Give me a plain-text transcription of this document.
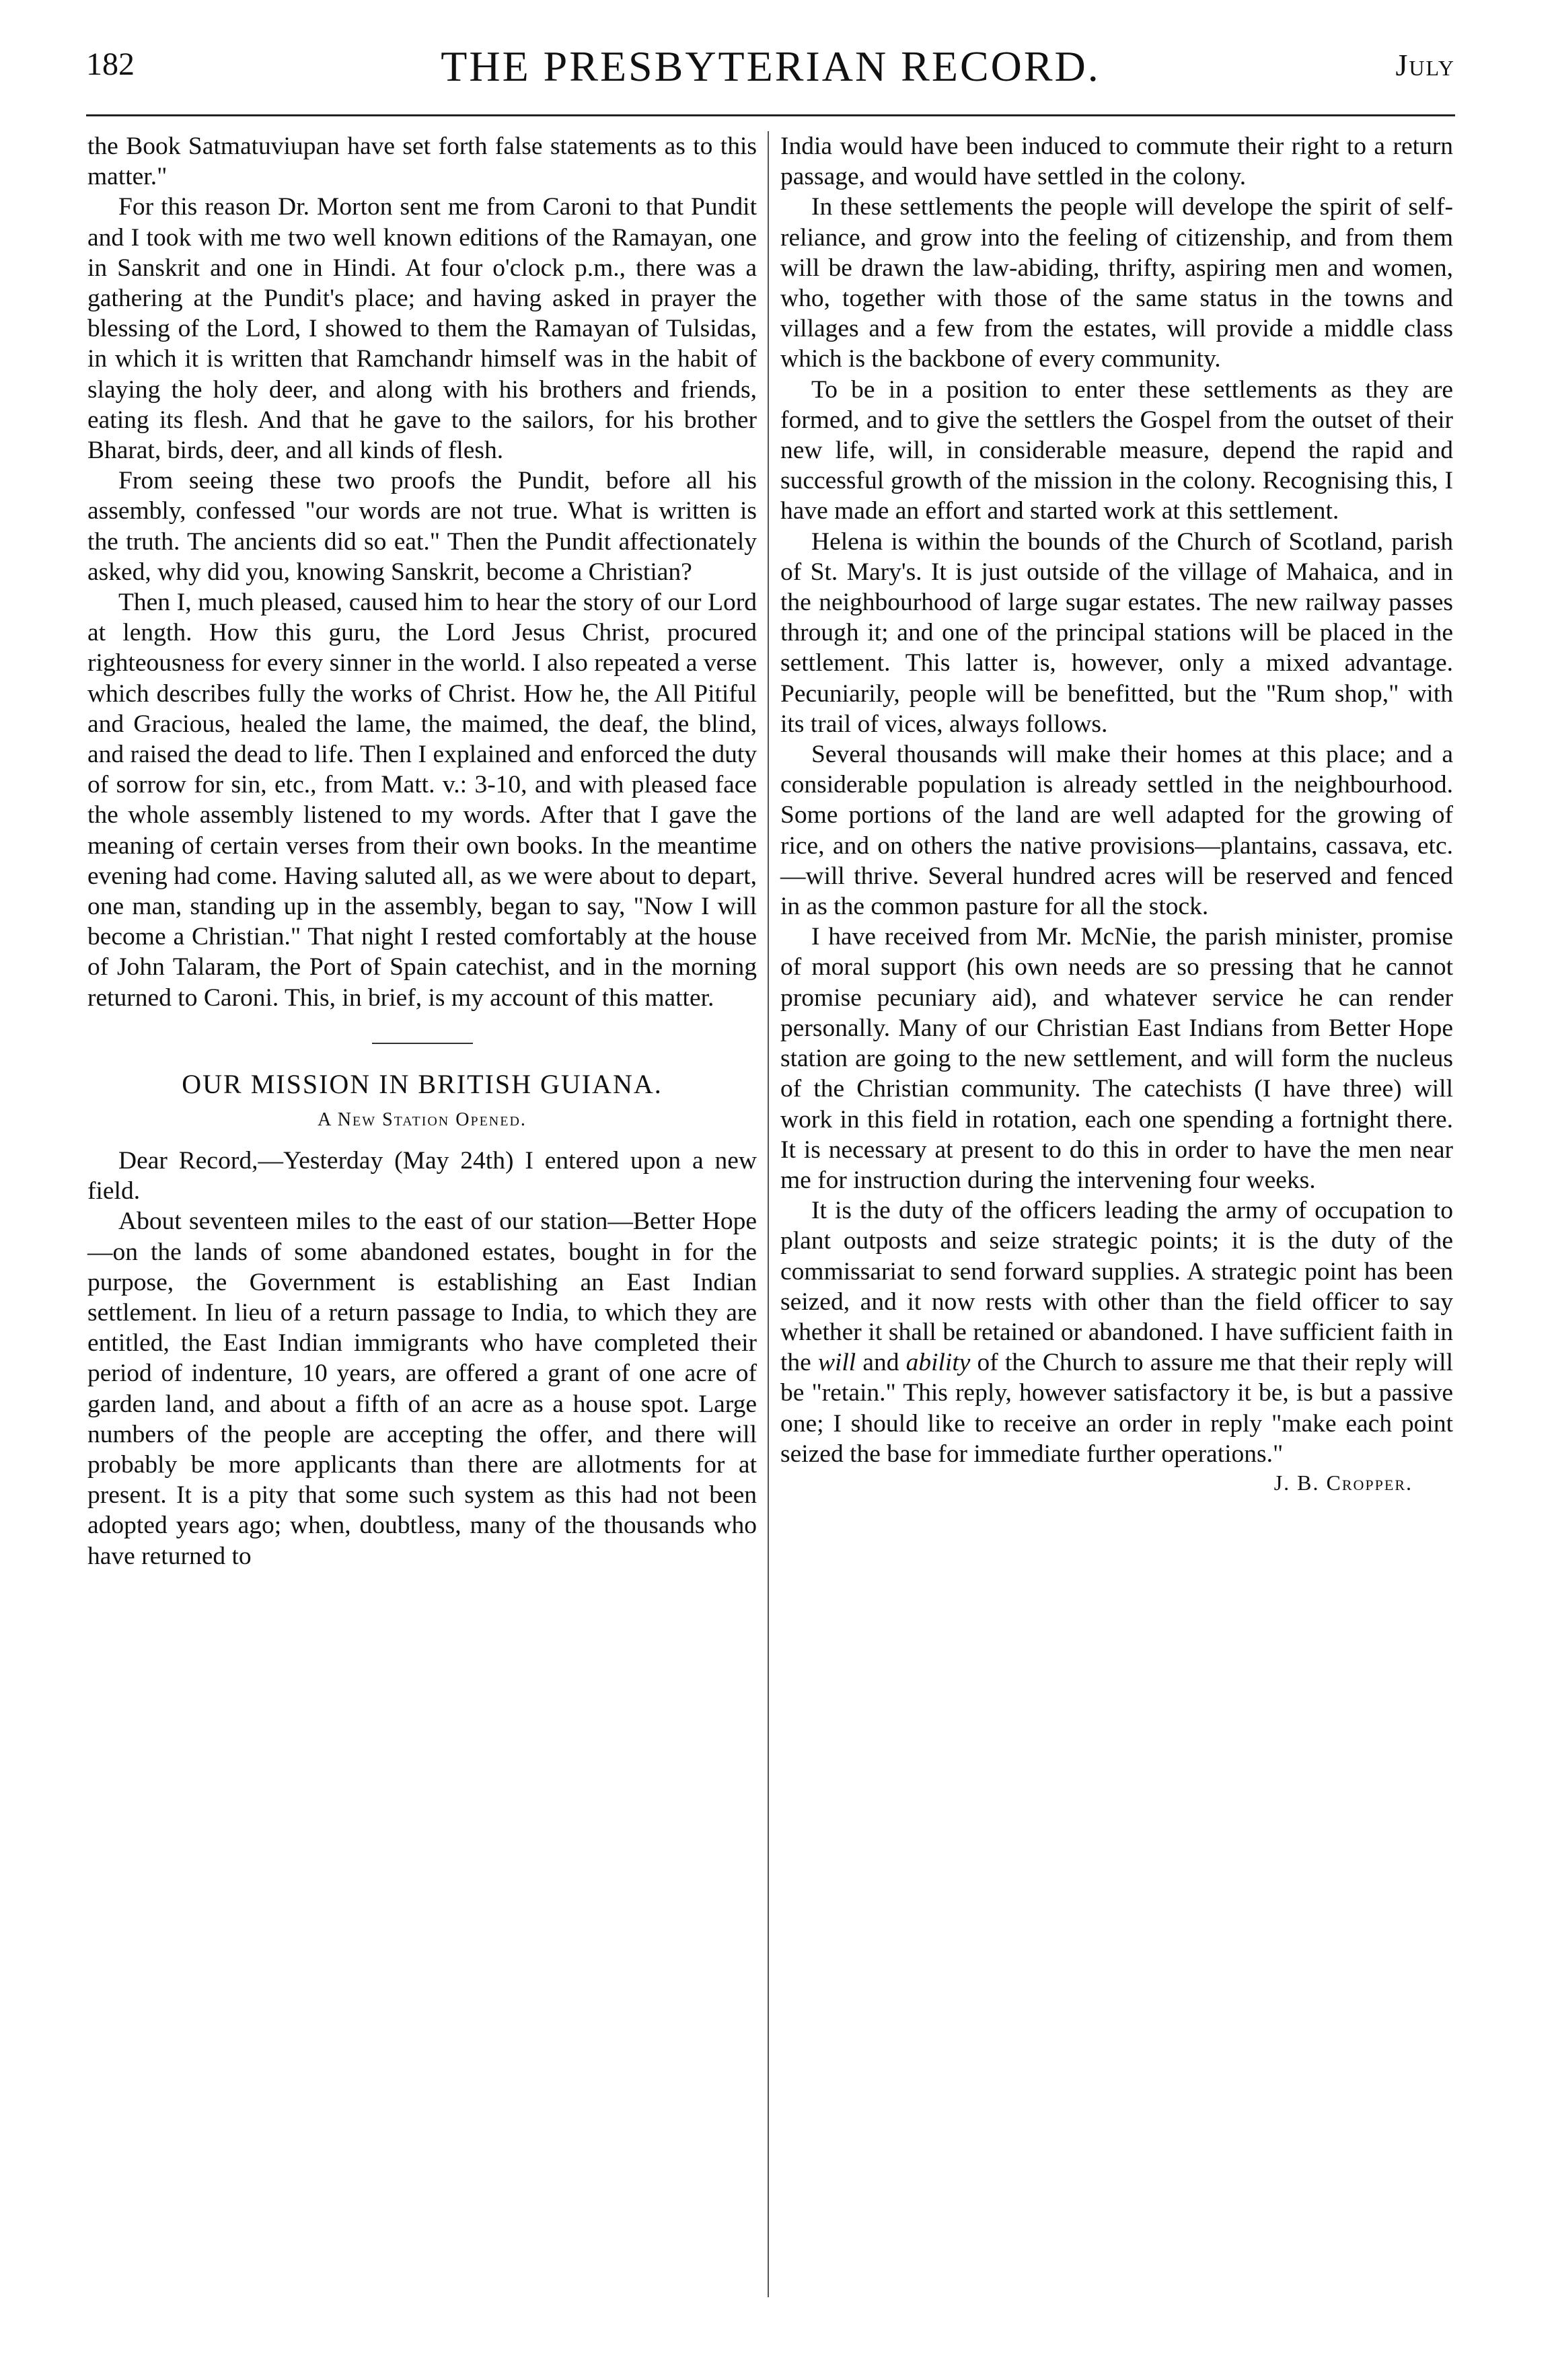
182	THE PRESBYTERIAN RECORD.	July

the Book Satmatuviupan have set forth false statements as to this matter."

For this reason Dr. Morton sent me from Caroni to that Pundit and I took with me two well known editions of the Ramayan, one in Sanskrit and one in Hindi. At four o'clock p.m., there was a gathering at the Pundit's place; and having asked in prayer the blessing of the Lord, I showed to them the Ramayan of Tulsidas, in which it is written that Ramchandr himself was in the habit of slaying the holy deer, and along with his brothers and friends, eating its flesh. And that he gave to the sailors, for his brother Bharat, birds, deer, and all kinds of flesh.

From seeing these two proofs the Pundit, before all his assembly, confessed "our words are not true. What is written is the truth. The ancients did so eat." Then the Pundit affectionately asked, why did you, knowing Sanskrit, become a Christian?

Then I, much pleased, caused him to hear the story of our Lord at length. How this guru, the Lord Jesus Christ, procured righteousness for every sinner in the world. I also repeated a verse which describes fully the works of Christ. How he, the All Pitiful and Gracious, healed the lame, the maimed, the deaf, the blind, and raised the dead to life. Then I explained and enforced the duty of sorrow for sin, etc., from Matt. v.: 3-10, and with pleased face the whole assembly listened to my words. After that I gave the meaning of certain verses from their own books. In the meantime evening had come. Having saluted all, as we were about to depart, one man, standing up in the assembly, began to say, "Now I will become a Christian." That night I rested comfortably at the house of John Talaram, the Port of Spain catechist, and in the morning returned to Caroni. This, in brief, is my account of this matter.

OUR MISSION IN BRITISH GUIANA.
A New Station Opened.

Dear Record,—Yesterday (May 24th) I entered upon a new field.

About seventeen miles to the east of our station—Better Hope—on the lands of some abandoned estates, bought in for the purpose, the Government is establishing an East Indian settlement. In lieu of a return passage to India, to which they are entitled, the East Indian immigrants who have completed their period of indenture, 10 years, are offered a grant of one acre of garden land, and about a fifth of an acre as a house spot. Large numbers of the people are accepting the offer, and there will probably be more applicants than there are allotments for at present. It is a pity that some such system as this had not been adopted years ago; when, doubtless, many of the thousands who have returned to

India would have been induced to commute their right to a return passage, and would have settled in the colony.

In these settlements the people will develope the spirit of self-reliance, and grow into the feeling of citizenship, and from them will be drawn the law-abiding, thrifty, aspiring men and women, who, together with those of the same status in the towns and villages and a few from the estates, will provide a middle class which is the backbone of every community.

To be in a position to enter these settlements as they are formed, and to give the settlers the Gospel from the outset of their new life, will, in considerable measure, depend the rapid and successful growth of the mission in the colony. Recognising this, I have made an effort and started work at this settlement.

Helena is within the bounds of the Church of Scotland, parish of St. Mary's. It is just outside of the village of Mahaica, and in the neighbourhood of large sugar estates. The new railway passes through it; and one of the principal stations will be placed in the settlement. This latter is, however, only a mixed advantage. Pecuniarily, people will be benefitted, but the "Rum shop," with its trail of vices, always follows.

Several thousands will make their homes at this place; and a considerable population is already settled in the neighbourhood. Some portions of the land are well adapted for the growing of rice, and on others the native provisions—plantains, cassava, etc.—will thrive. Several hundred acres will be reserved and fenced in as the common pasture for all the stock.

I have received from Mr. McNie, the parish minister, promise of moral support (his own needs are so pressing that he cannot promise pecuniary aid), and whatever service he can render personally. Many of our Christian East Indians from Better Hope station are going to the new settlement, and will form the nucleus of the Christian community. The catechists (I have three) will work in this field in rotation, each one spending a fortnight there. It is necessary at present to do this in order to have the men near me for instruction during the intervening four weeks.

It is the duty of the officers leading the army of occupation to plant outposts and seize strategic points; it is the duty of the commissariat to send forward supplies. A strategic point has been seized, and it now rests with other than the field officer to say whether it shall be retained or abandoned. I have sufficient faith in the will and ability of the Church to assure me that their reply will be "retain." This reply, however satisfactory it be, is but a passive one; I should like to receive an order in reply "make each point seized the base for immediate further operations."

J. B. Cropper.
